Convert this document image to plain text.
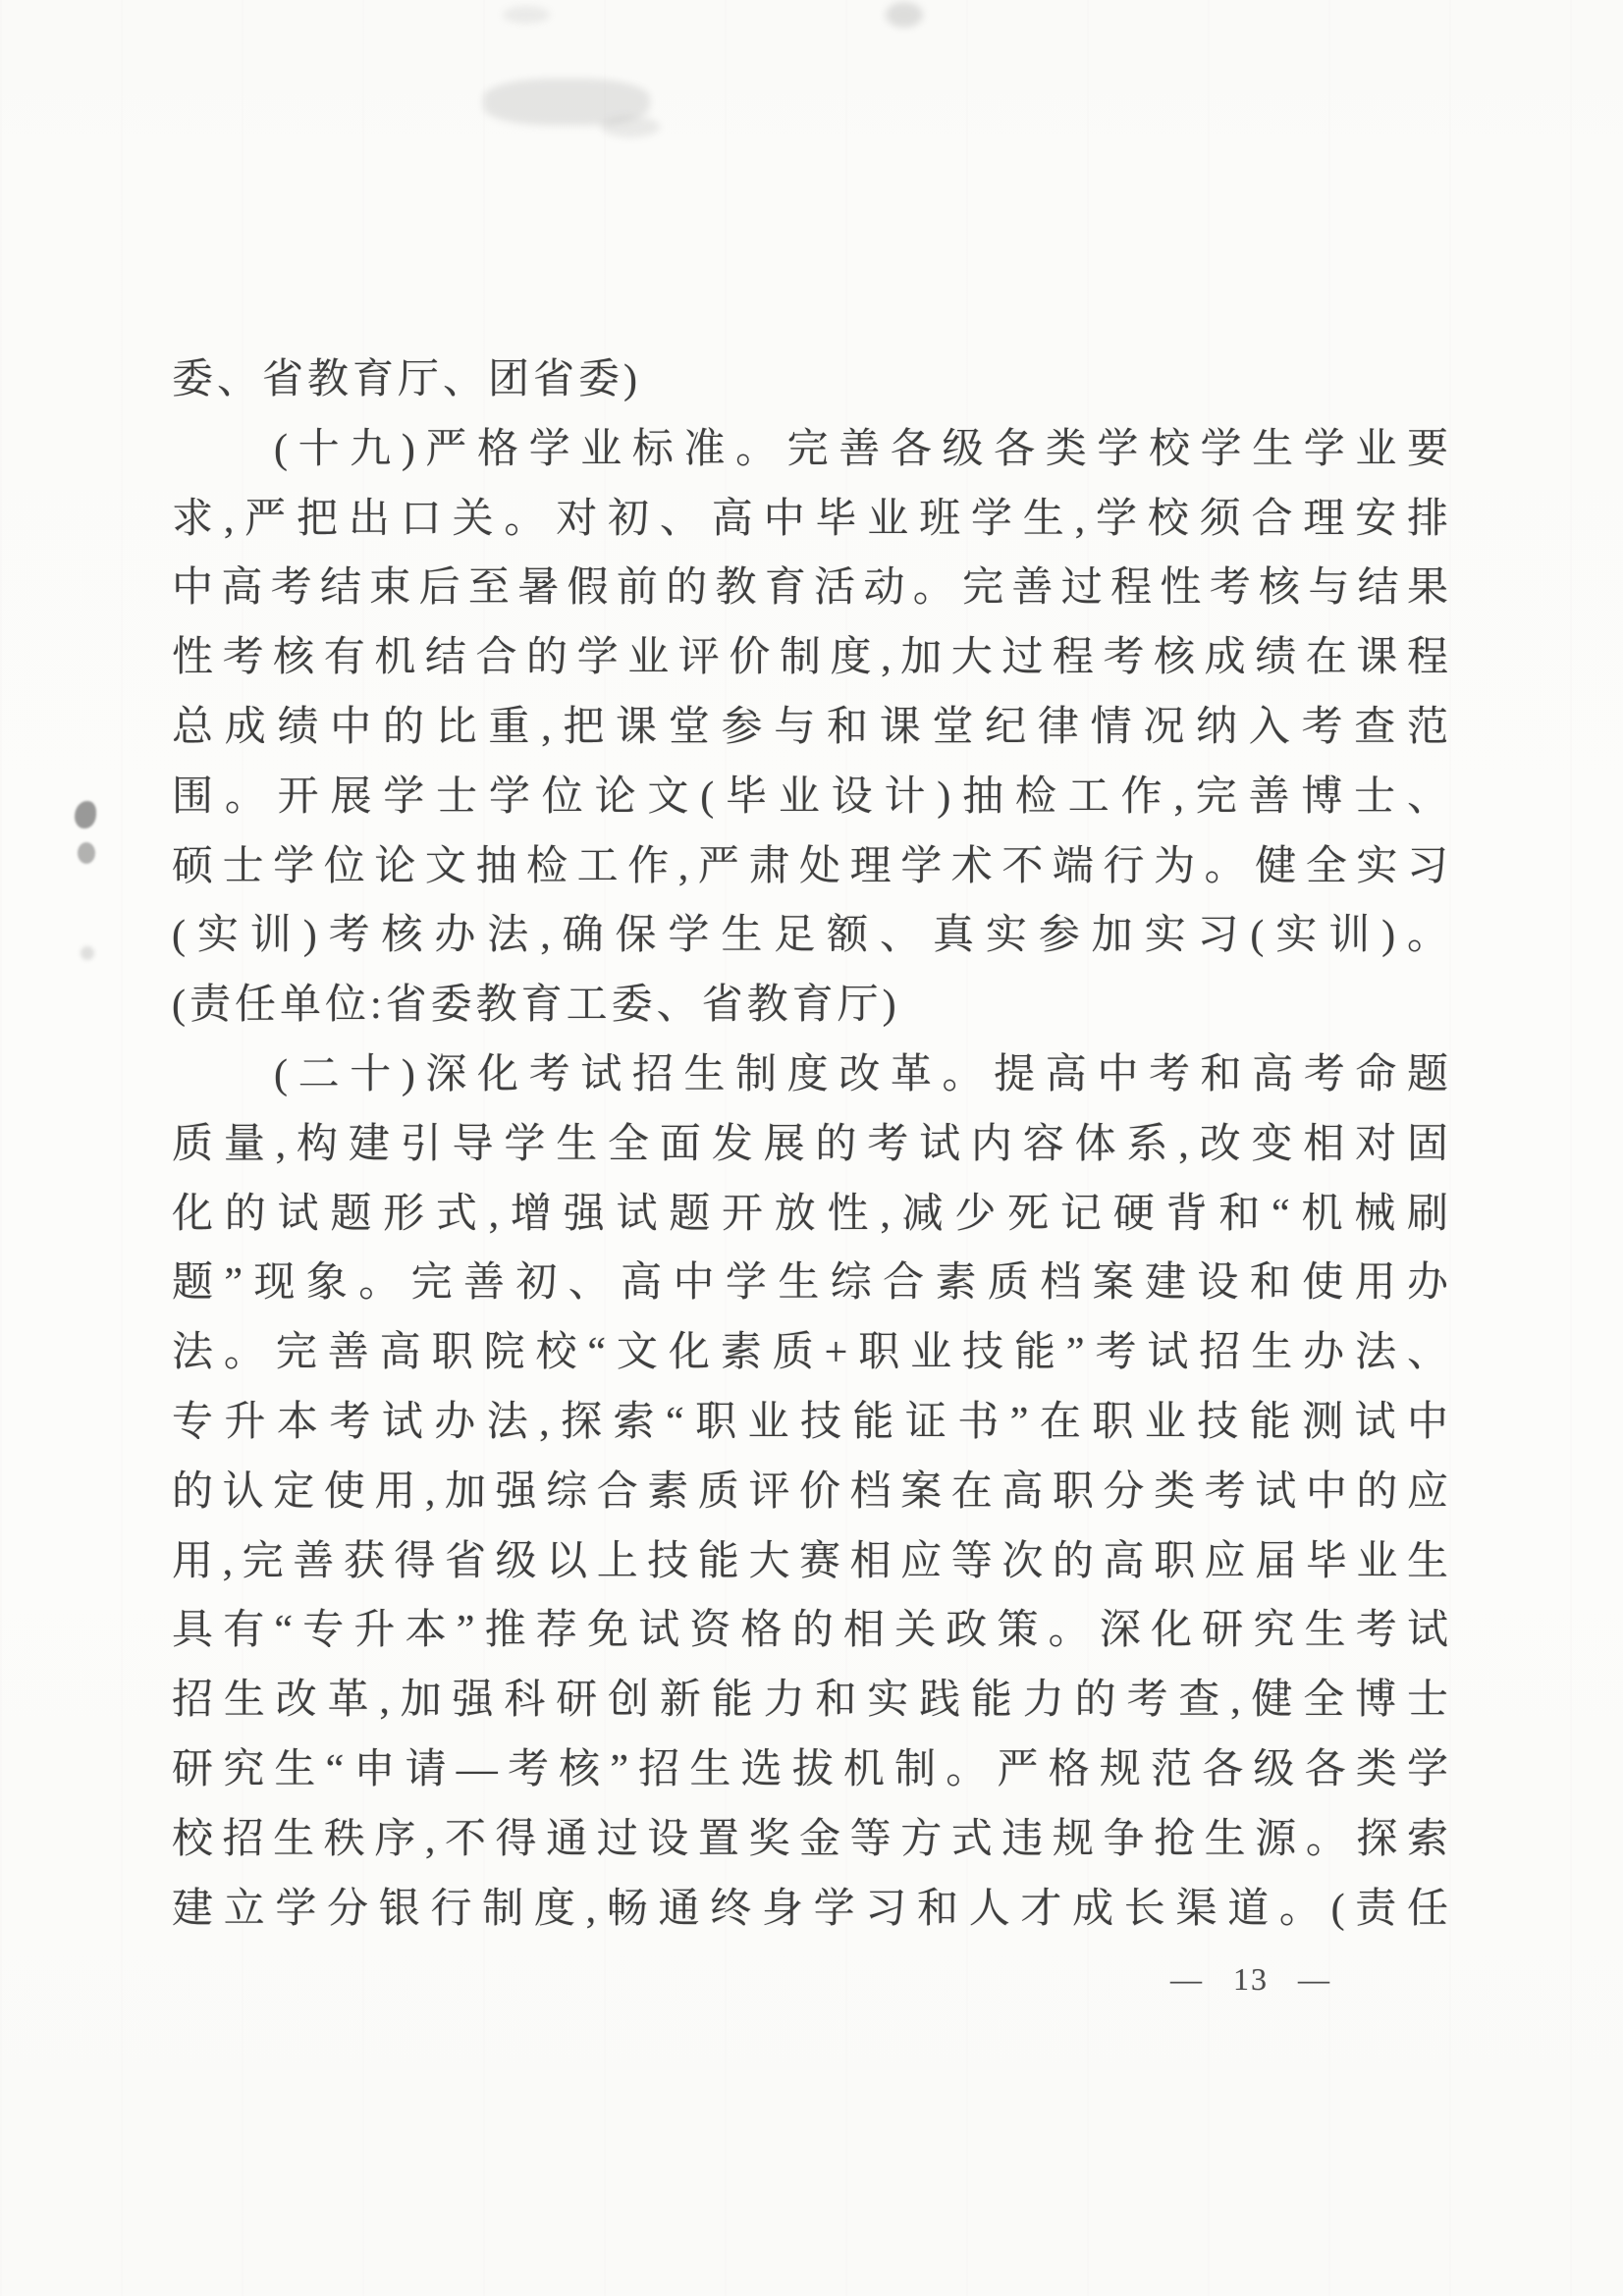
委、省教育厅、团省委)
(十九)严格学业标准。完善各级各类学校学生学业要
求,严把出口关。对初、高中毕业班学生,学校须合理安排
中高考结束后至暑假前的教育活动。完善过程性考核与结果
性考核有机结合的学业评价制度,加大过程考核成绩在课程
总成绩中的比重,把课堂参与和课堂纪律情况纳入考查范
围。开展学士学位论文(毕业设计)抽检工作,完善博士、
硕士学位论文抽检工作,严肃处理学术不端行为。健全实习
(实训)考核办法,确保学生足额、真实参加实习(实训)。
(责任单位:省委教育工委、省教育厅)
(二十)深化考试招生制度改革。提高中考和高考命题
质量,构建引导学生全面发展的考试内容体系,改变相对固
化的试题形式,增强试题开放性,减少死记硬背和“机械刷
题”现象。完善初、高中学生综合素质档案建设和使用办
法。完善高职院校“文化素质+职业技能”考试招生办法、
专升本考试办法,探索“职业技能证书”在职业技能测试中
的认定使用,加强综合素质评价档案在高职分类考试中的应
用,完善获得省级以上技能大赛相应等次的高职应届毕业生
具有“专升本”推荐免试资格的相关政策。深化研究生考试
招生改革,加强科研创新能力和实践能力的考查,健全博士
研究生“申请—考核”招生选拔机制。严格规范各级各类学
校招生秩序,不得通过设置奖金等方式违规争抢生源。探索
建立学分银行制度,畅通终身学习和人才成长渠道。(责任
— 13 —
